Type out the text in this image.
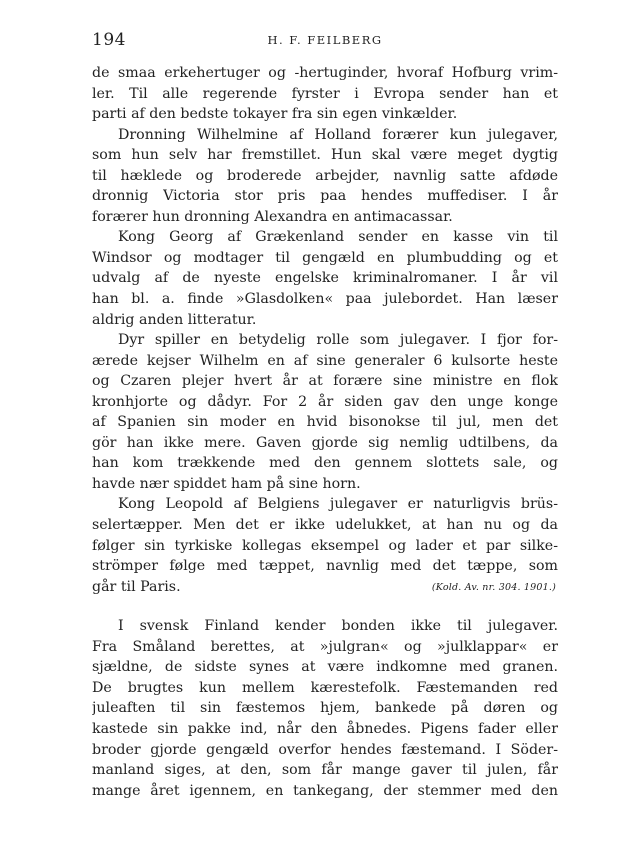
194	H. F. FEILBERG
de smaa erkehertuger og -hertuginder, hvoraf Hofburg vrim-
ler. Til alle regerende fyrster i Evropa sender han et
parti af den bedste tokayer fra sin egen vinkælder.
Dronning Wilhelmine af Holland forærer kun julegaver,
som hun selv har fremstillet. Hun skal være meget dygtig
til hæklede og broderede arbejder, navnlig satte afdøde
dronnig Victoria stor pris paa hendes muffediser. I år
forærer hun dronning Alexandra en antimacassar.
Kong Georg af Grækenland sender en kasse vin til
Windsor og modtager til gengæld en plumbudding og et
udvalg af de nyeste engelske kriminalromaner. I år vil
han bl. a. finde »Glasdolken« paa julebordet. Han læser
aldrig anden litteratur.
Dyr spiller en betydelig rolle som julegaver. I fjor for-
ærede kejser Wilhelm en af sine generaler 6 kulsorte heste
og Czaren plejer hvert år at forære sine ministre en flok
kronhjorte og dådyr. For 2 år siden gav den unge konge
af Spanien sin moder en hvid bisonokse til jul, men det
gör han ikke mere. Gaven gjorde sig nemlig udtilbens, da
han kom trækkende med den gennem slottets sale, og
havde nær spiddet ham på sine horn.
Kong Leopold af Belgiens julegaver er naturligvis brüs-
selertæpper. Men det er ikke udelukket, at han nu og da
følger sin tyrkiske kollegas eksempel og lader et par silke-
strömper følge med tæppet, navnlig med det tæppe, som
går til Paris.	(Kold. Av. nr. 304. 1901.)
I svensk Finland kender bonden ikke til julegaver.
Fra Småland berettes, at »julgran« og »julklappar« er
sjældne, de sidste synes at være indkomne med granen.
De brugtes kun mellem kærestefolk. Fæstemanden red
juleaften til sin fæstemos hjem, bankede på døren og
kastede sin pakke ind, når den åbnedes. Pigens fader eller
broder gjorde gengæld overfor hendes fæstemand. I Söder-
manland siges, at den, som får mange gaver til julen, får
mange året igennem, en tankegang, der stemmer med den
